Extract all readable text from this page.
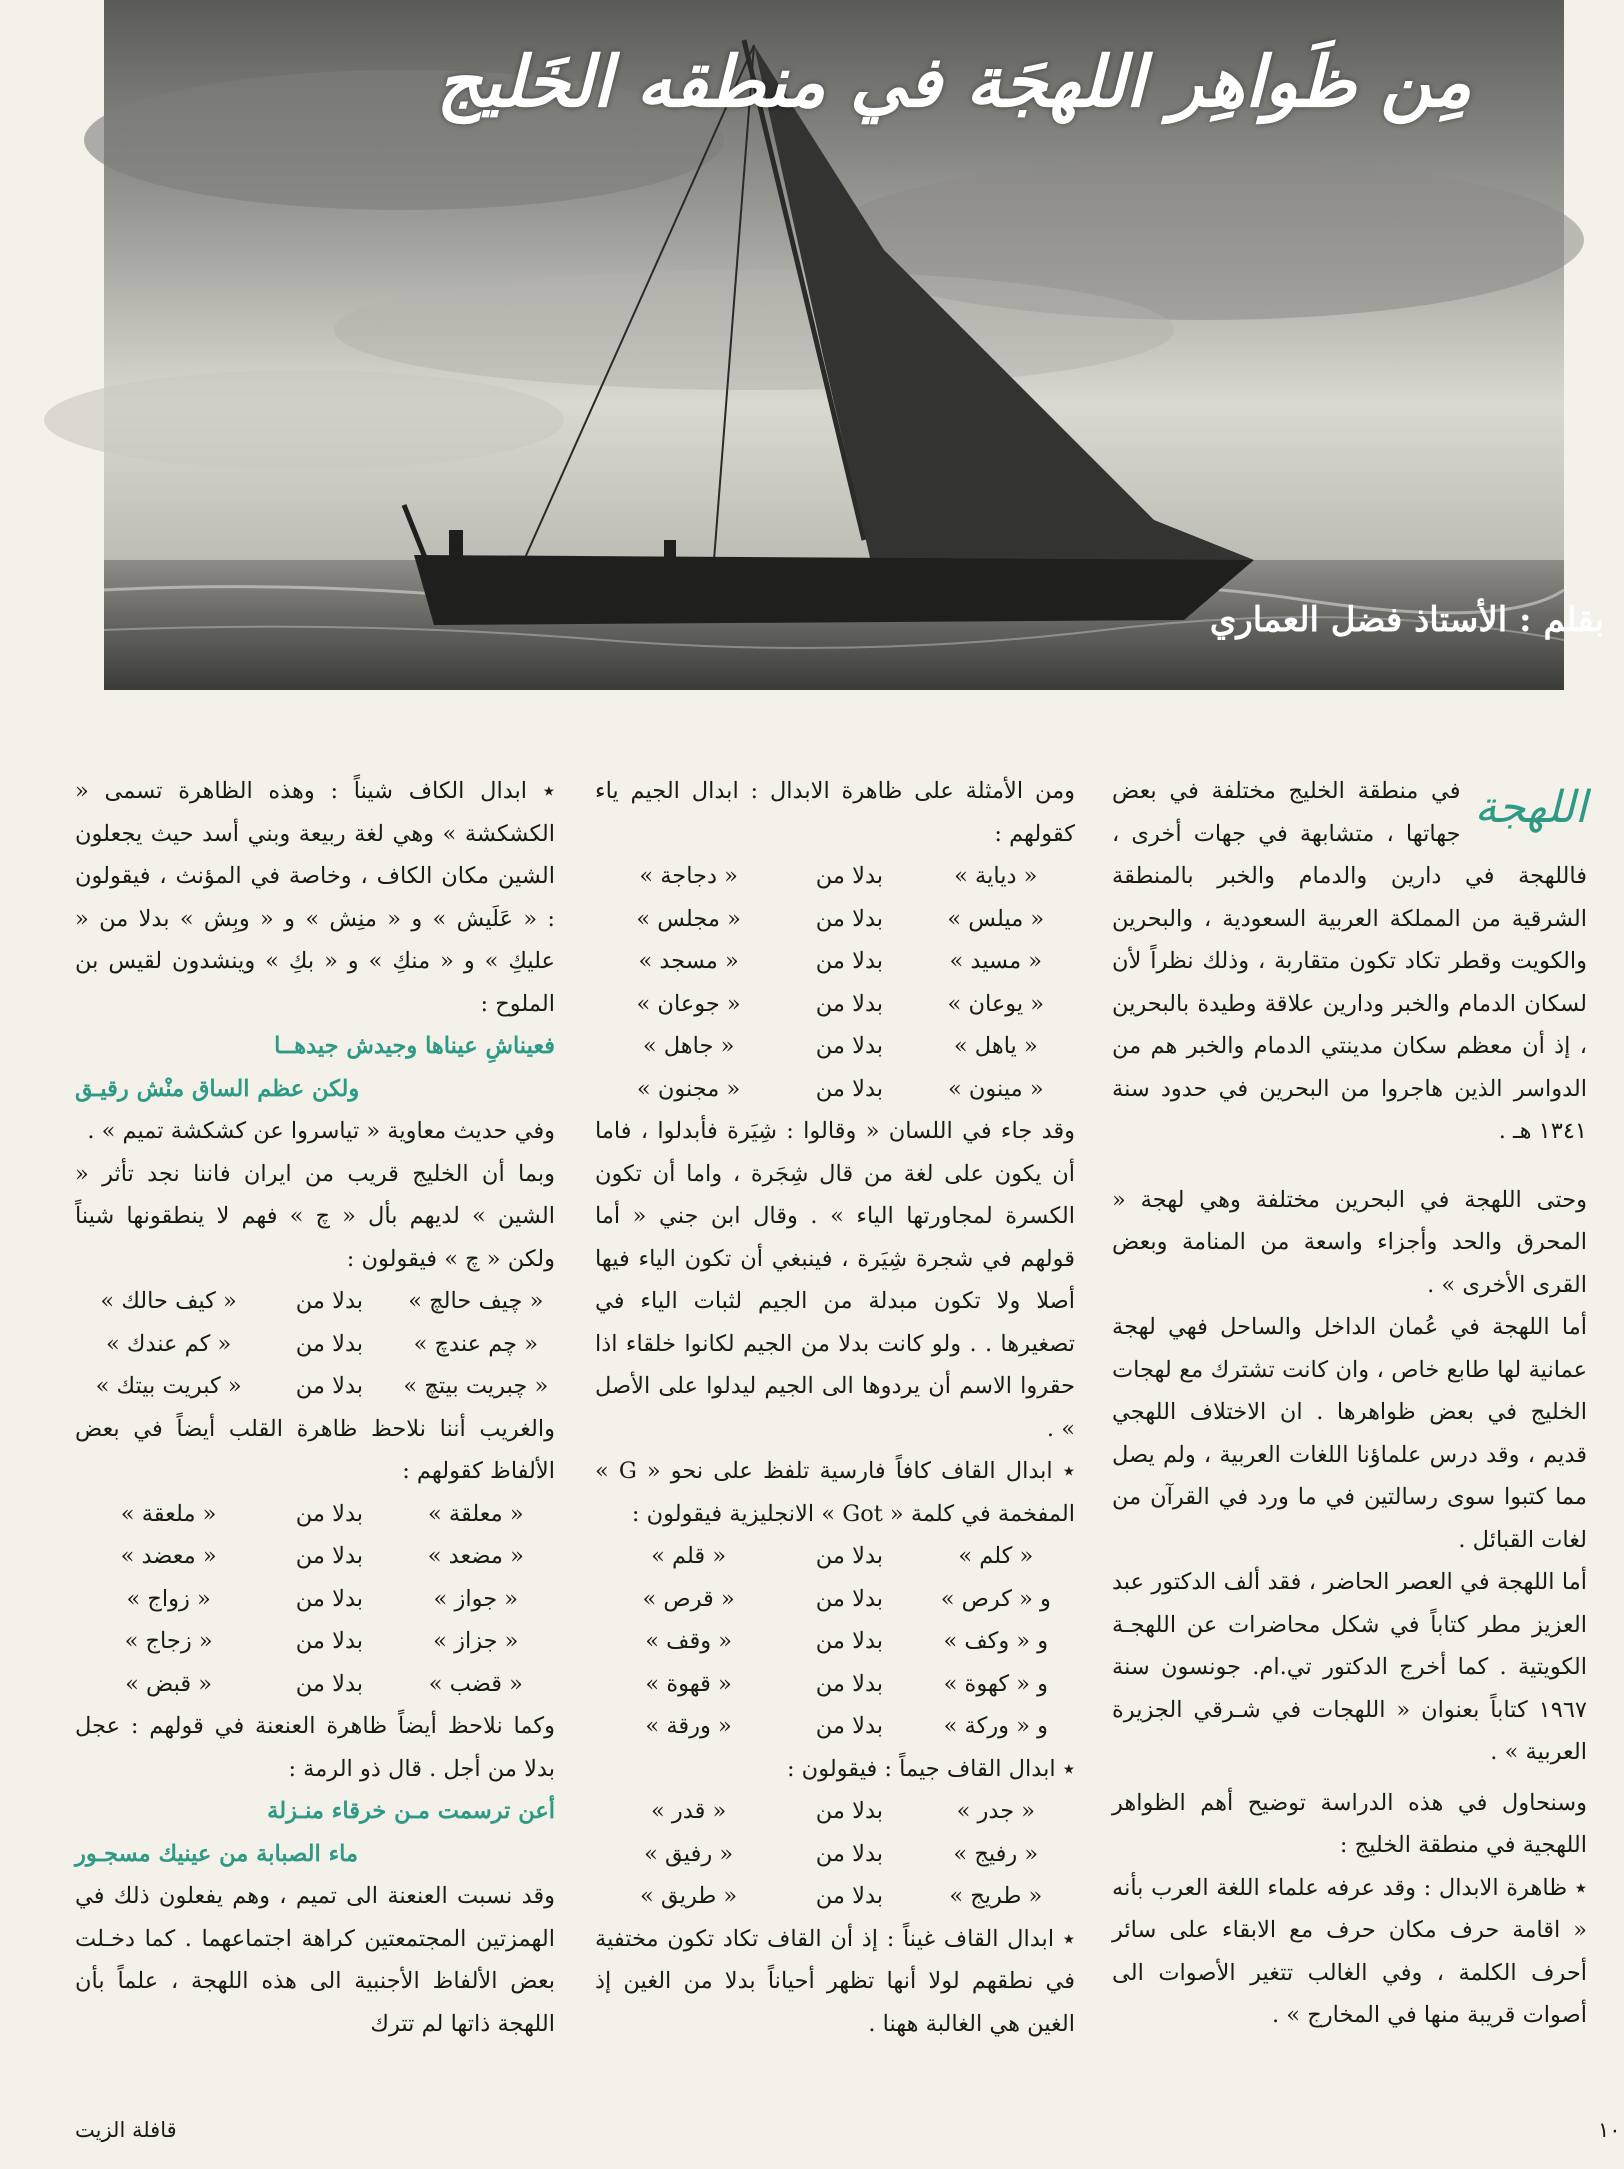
مِن ظَواهِر اللهجَة في منطقه الخَليج
بقلم : الأستاذ فضل العماري

اللهجة
في منطقة الخليج مختلفة في بعض جهاتها ، متشابهة في جهات أخرى ، فاللهجة في دارين والدمام والخبر بالمنطقة الشرقية من المملكة العربية السعودية ، والبحرين والكويت وقطر تكاد تكون متقاربة ، وذلك نظراً لأن لسكان الدمام والخبر ودارين علاقة وطيدة بالبحرين ، إذ أن معظم سكان مدينتي الدمام والخبر هم من الدواسر الذين هاجروا من البحرين في حدود سنة ١٣٤١ هـ .

وحتى اللهجة في البحرين مختلفة وهي لهجة « المحرق والحد وأجزاء واسعة من المنامة وبعض القرى الأخرى » .

أما اللهجة في عُمان الداخل والساحل فهي لهجة عمانية لها طابع خاص ، وان كانت تشترك مع لهجات الخليج في بعض ظواهرها . ان الاختلاف اللهجي قديم ، وقد درس علماؤنا اللغات العربية ، ولم يصل مما كتبوا سوى رسالتين في ما ورد في القرآن من لغات القبائل .

أما اللهجة في العصر الحاضر ، فقد ألف الدكتور عبد العزيز مطر كتاباً في شكل محاضرات عن اللهجـة الكويتية . كما أخرج الدكتور تي.ام. جونسون سنة ١٩٦٧ كتاباً بعنوان « اللهجات في شـرقي الجزيرة العربية » .

وسنحاول في هذه الدراسة توضيح أهم الظواهر اللهجية في منطقة الخليج :

٭ ظاهرة الابدال : وقد عرفه علماء اللغة العرب بأنه « اقامة حرف مكان حرف مع الابقاء على سائر أحرف الكلمة ، وفي الغالب تتغير الأصوات الى أصوات قريبة منها في المخارج » .

ومن الأمثلة على ظاهرة الابدال : ابدال الجيم ياء كقولهم :

« دياية »	بدلا من	« دجاجة »
« ميلس »	بدلا من	« مجلس »
« مسيد »	بدلا من	« مسجد »
« يوعان »	بدلا من	« جوعان »
« ياهل »	بدلا من	« جاهل »
« مينون »	بدلا من	« مجنون »

وقد جاء في اللسان « وقالوا : شِيَرة فأبدلوا ، فاما أن يكون على لغة من قال شِجَرة ، واما أن تكون الكسرة لمجاورتها الياء » . وقال ابن جني « أما قولهم في شجرة شِيَرة ، فينبغي أن تكون الياء فيها أصلا ولا تكون مبدلة من الجيم لثبات الياء في تصغيرها . . ولو كانت بدلا من الجيم لكانوا خلقاء اذا حقروا الاسم أن يردوها الى الجيم ليدلوا على الأصل » .

٭ ابدال القاف كافاً فارسية تلفظ على نحو « G » المفخمة في كلمة « Got » الانجليزية فيقولون :

« كلم »	بدلا من	« قلم »
و « كرص »	بدلا من	« قرص »
و « وكف »	بدلا من	« وقف »
و « كهوة »	بدلا من	« قهوة »
و « وركة »	بدلا من	« ورقة »

٭ ابدال القاف جيماً : فيقولون :

« جدر »	بدلا من	« قدر »
« رفيج »	بدلا من	« رفيق »
« طريج »	بدلا من	« طريق »

٭ ابدال القاف غيناً : إذ أن القاف تكاد تكون مختفية في نطقهم لولا أنها تظهر أحياناً بدلا من الغين إذ الغين هي الغالبة ههنا .

٭ ابدال الكاف شيناً : وهذه الظاهرة تسمى « الكشكشة » وهي لغة ربيعة وبني أسد حيث يجعلون الشين مكان الكاف ، وخاصة في المؤنث ، فيقولون : « عَلَيش » و « منِش » و « وبِش » بدلا من « عليكِ » و « منكِ » و « بكِ » وينشدون لقيس بن الملوح :

فعيناشِ عيناها وجيدش جيدهــا

ولكن عظم الساق منْش رقيـق

وفي حديث معاوية « تياسروا عن كشكشة تميم » .

وبما أن الخليج قريب من ايران فاننا نجد تأثر « الشين » لديهم بأل « چ » فهم لا ينطقونها شيناً ولكن « چ » فيقولون :

« چيف حالچ »	بدلا من	« كيف حالك »
« چم عندچ »	بدلا من	« كم عندك »
« چبريت بيتچ »	بدلا من	« كبريت بيتك »

والغريب أننا نلاحظ ظاهرة القلب أيضاً في بعض الألفاظ كقولهم :

« معلقة »	بدلا من	« ملعقة »
« مضعد »	بدلا من	« معضد »
« جواز »	بدلا من	« زواج »
« جزاز »	بدلا من	« زجاج »
« قضب »	بدلا من	« قبض »

وكما نلاحظ أيضاً ظاهرة العنعنة في قولهم : عجل بدلا من أجل . قال ذو الرمة :

أعن ترسمت مـن خرقاء منـزلة

ماء الصبابة من عينيك مسجـور

وقد نسبت العنعنة الى تميم ، وهم يفعلون ذلك في الهمزتين المجتمعتين كراهة اجتماعهما . كما دخـلت بعض الألفاظ الأجنبية الى هذه اللهجة ، علماً بأن اللهجة ذاتها لم تترك

قافلة الزيت	١٠
